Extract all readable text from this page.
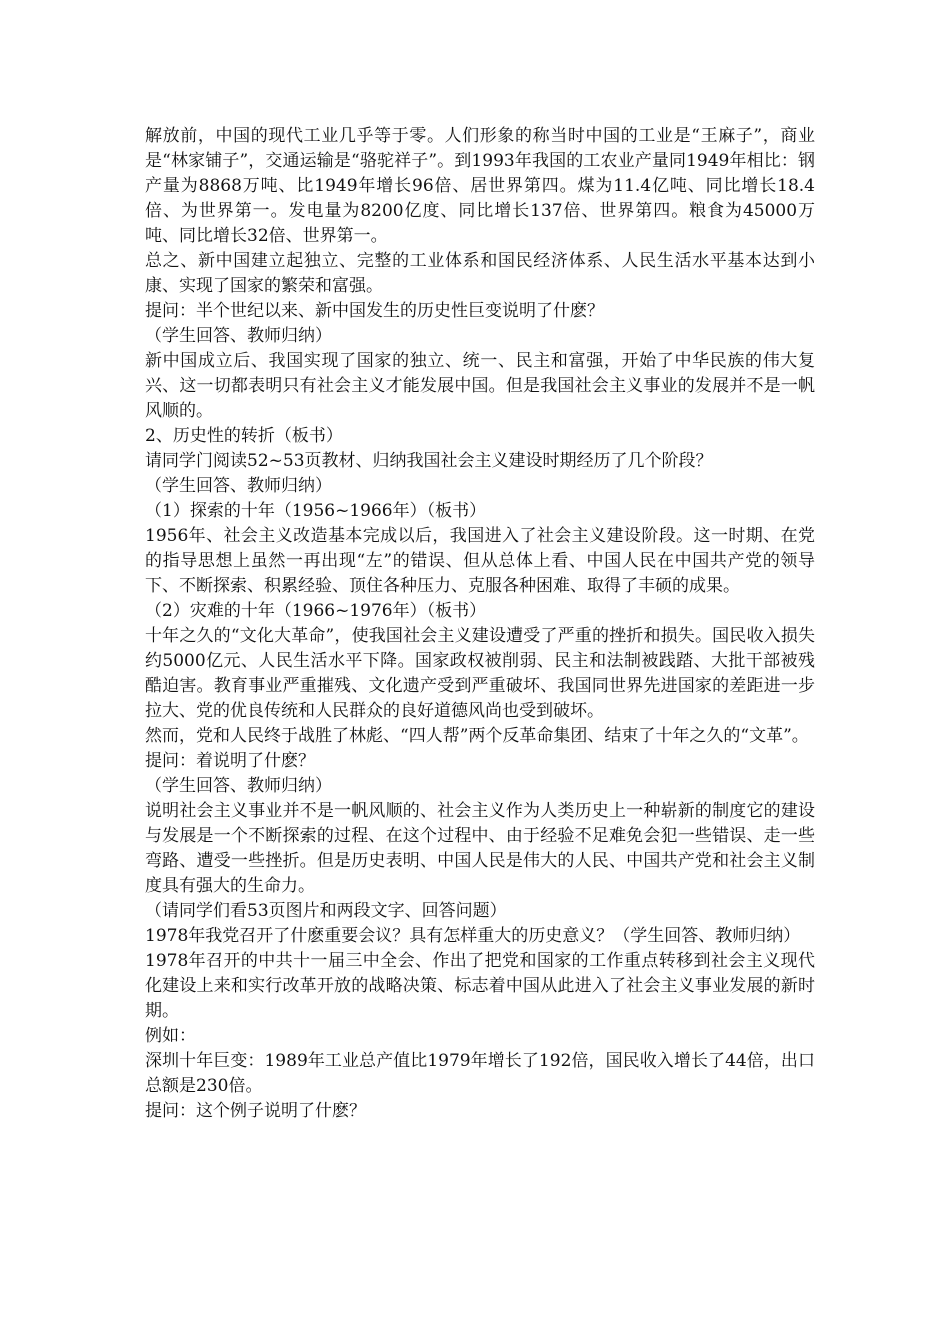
解放前，中国的现代工业几乎等于零。人们形象的称当时中国的工业是“王麻子”，商业是“林家铺子”，交通运输是“骆驼祥子”。到1993年我国的工农业产量同1949年相比：钢产量为8868万吨、比1949年增长96倍、居世界第四。煤为11.4亿吨、同比增长18.4倍、为世界第一。发电量为8200亿度、同比增长137倍、世界第四。粮食为45000万吨、同比增长32倍、世界第一。

总之、新中国建立起独立、完整的工业体系和国民经济体系、人民生活水平基本达到小康、实现了国家的繁荣和富强。

提问：半个世纪以来、新中国发生的历史性巨变说明了什麽？

（学生回答、教师归纳）

新中国成立后、我国实现了国家的独立、统一、民主和富强，开始了中华民族的伟大复兴、这一切都表明只有社会主义才能发展中国。但是我国社会主义事业的发展并不是一帆风顺的。

2、历史性的转折（板书）

请同学门阅读52~53页教材、归纳我国社会主义建设时期经历了几个阶段？

（学生回答、教师归纳）

（1）探索的十年（1956~1966年）（板书）

1956年、社会主义改造基本完成以后，我国进入了社会主义建设阶段。这一时期、在党的指导思想上虽然一再出现“左”的错误、但从总体上看、中国人民在中国共产党的领导下、不断探索、积累经验、顶住各种压力、克服各种困难、取得了丰硕的成果。

（2）灾难的十年（1966~1976年）（板书）

十年之久的“文化大革命”，使我国社会主义建设遭受了严重的挫折和损失。国民收入损失约5000亿元、人民生活水平下降。国家政权被削弱、民主和法制被践踏、大批干部被残酷迫害。教育事业严重摧残、文化遗产受到严重破坏、我国同世界先进国家的差距进一步拉大、党的优良传统和人民群众的良好道德风尚也受到破坏。

然而，党和人民终于战胜了林彪、“四人帮”两个反革命集团、结束了十年之久的“文革”。

提问：着说明了什麽？

（学生回答、教师归纳）

说明社会主义事业并不是一帆风顺的、社会主义作为人类历史上一种崭新的制度它的建设与发展是一个不断探索的过程、在这个过程中、由于经验不足难免会犯一些错误、走一些弯路、遭受一些挫折。但是历史表明、中国人民是伟大的人民、中国共产党和社会主义制度具有强大的生命力。

（请同学们看53页图片和两段文字、回答问题）

1978年我党召开了什麽重要会议？具有怎样重大的历史意义？（学生回答、教师归纳）

1978年召开的中共十一届三中全会、作出了把党和国家的工作重点转移到社会主义现代化建设上来和实行改革开放的战略决策、标志着中国从此进入了社会主义事业发展的新时期。

例如：

深圳十年巨变：1989年工业总产值比1979年增长了192倍，国民收入增长了44倍，出口总额是230倍。

提问：这个例子说明了什麽？
